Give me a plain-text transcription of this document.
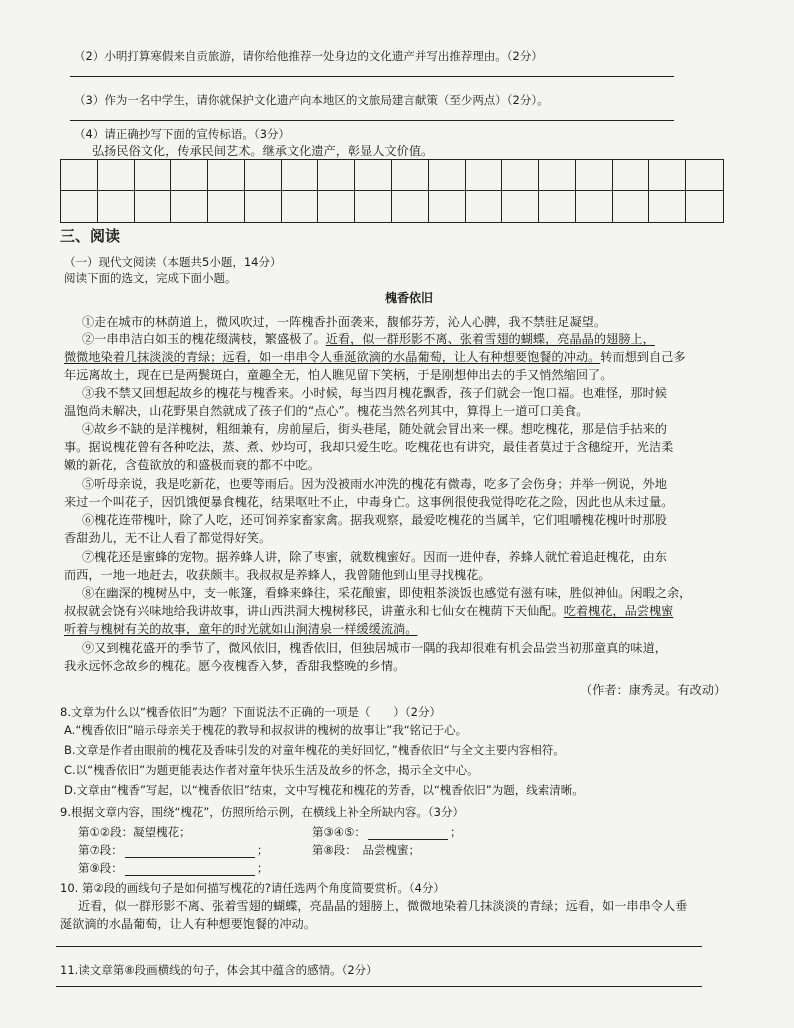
（2）小明打算寒假来自贡旅游，请你给他推荐一处身边的文化遗产并写出推荐理由。（2分）
（3）作为一名中学生，请你就保护文化遗产向本地区的文旅局建言献策（至少两点）（2分）。
（4）请正确抄写下面的宣传标语。（3分）
弘扬民俗文化，传承民间艺术。继承文化遗产，彰显人文价值。
三、阅读
（一）现代文阅读（本题共5小题，14分）
阅读下面的选文，完成下面小题。
槐香依旧
①走在城市的林荫道上，微风吹过，一阵槐香扑面袭来，馥郁芬芳，沁人心脾，我不禁驻足凝望。
②一串串洁白如玉的槐花缀满枝，繁盛极了。近看，似一群形影不离、张着雪翅的蝴蝶，亮晶晶的翅膀上，
微微地染着几抹淡淡的青绿；远看，如一串串令人垂涎欲滴的水晶葡萄，让人有种想要饱餐的冲动。转而想到自己多
年远离故土，现在已是两鬓斑白，童趣全无，怕人瞧见留下笑柄，于是刚想伸出去的手又悄然缩回了。
③我不禁又回想起故乡的槐花与槐香来。小时候，每当四月槐花飘香，孩子们就会一饱口福。也难怪，那时候
温饱尚未解决，山花野果自然就成了孩子们的“点心”。槐花当然名列其中，算得上一道可口美食。
④故乡不缺的是洋槐树，粗细兼有，房前屋后，街头巷尾，随处就会冒出来一棵。想吃槐花，那是信手拈来的
事。据说槐花曾有各种吃法，蒸、煮、炒均可，我却只爱生吃。吃槐花也有讲究，最佳者莫过于含穗绽开，光洁柔
嫩的新花，含苞欲放的和盛极而衰的都不中吃。
⑤听母亲说，我是吃新花，也要等雨后。因为没被雨水冲洗的槐花有微毒，吃多了会伤身；并举一例说，外地
来过一个叫花子，因饥饿便暴食槐花，结果呕吐不止，中毒身亡。这事例很使我觉得吃花之险，因此也从未过量。
⑥槐花连带槐叶，除了人吃，还可饲养家畜家禽。据我观察，最爱吃槐花的当属羊，它们咀嚼槐花槐叶时那股
香甜劲儿，无不让人看了都觉得好笑。
⑦槐花还是蜜蜂的宠物。据养蜂人讲，除了枣蜜，就数槐蜜好。因而一进仲春，养蜂人就忙着追赶槐花，由东
而西，一地一地赶去，收获颇丰。我叔叔是养蜂人，我曾随他到山里寻找槐花。
⑧在幽深的槐树丛中，支一帐篷，看蜂来蜂往，采花酿蜜，即使粗茶淡饭也感觉有滋有味，胜似神仙。闲暇之余，
叔叔就会饶有兴味地给我讲故事，讲山西洪洞大槐树移民，讲董永和七仙女在槐荫下天仙配。吃着槐花，品尝槐蜜
听着与槐树有关的故事，童年的时光就如山涧清泉一样缓缓流淌。
⑨又到槐花盛开的季节了，微风依旧，槐香依旧，但独居城市一隅的我却很难有机会品尝当初那童真的味道，
我永远怀念故乡的槐花。愿今夜槐香入梦，香甜我整晚的乡情。
（作者：康秀灵。有改动）
8.文章为什么以“槐香依旧”为题？下面说法不正确的一项是（　　）（2分）
A.“槐香依旧”暗示母亲关于槐花的教导和叔叔讲的槐树的故事让”我“铭记于心。
B.文章是作者由眼前的槐花及香味引发的对童年槐花的美好回忆，”槐香依旧“与全文主要内容相符。
C.以“槐香依旧”为题更能表达作者对童年快乐生活及故乡的怀念，揭示全文中心。
D.文章由“槐香”写起，以“槐香依旧”结束，文中写槐花和槐花的芳香，以“槐香依旧”为题，线索清晰。
9.根据文章内容，围绕“槐花”，仿照所给示例，在横线上补全所缺内容。（3分）
第①②段：凝望槐花；	第③④⑤：	；
第⑦段：	；	第⑧段：　品尝槐蜜；
第⑨段：	；
10. 第②段的画线句子是如何描写槐花的?请任选两个角度简要赏析。（4分）
近看，似一群形影不离、张着雪翅的蝴蝶，亮晶晶的翅膀上，微微地染着几抹淡淡的青绿；远看，如一串串令人垂
涎欲滴的水晶葡萄，让人有种想要饱餐的冲动。
11.读文章第⑧段画横线的句子，体会其中蕴含的感情。（2分）
